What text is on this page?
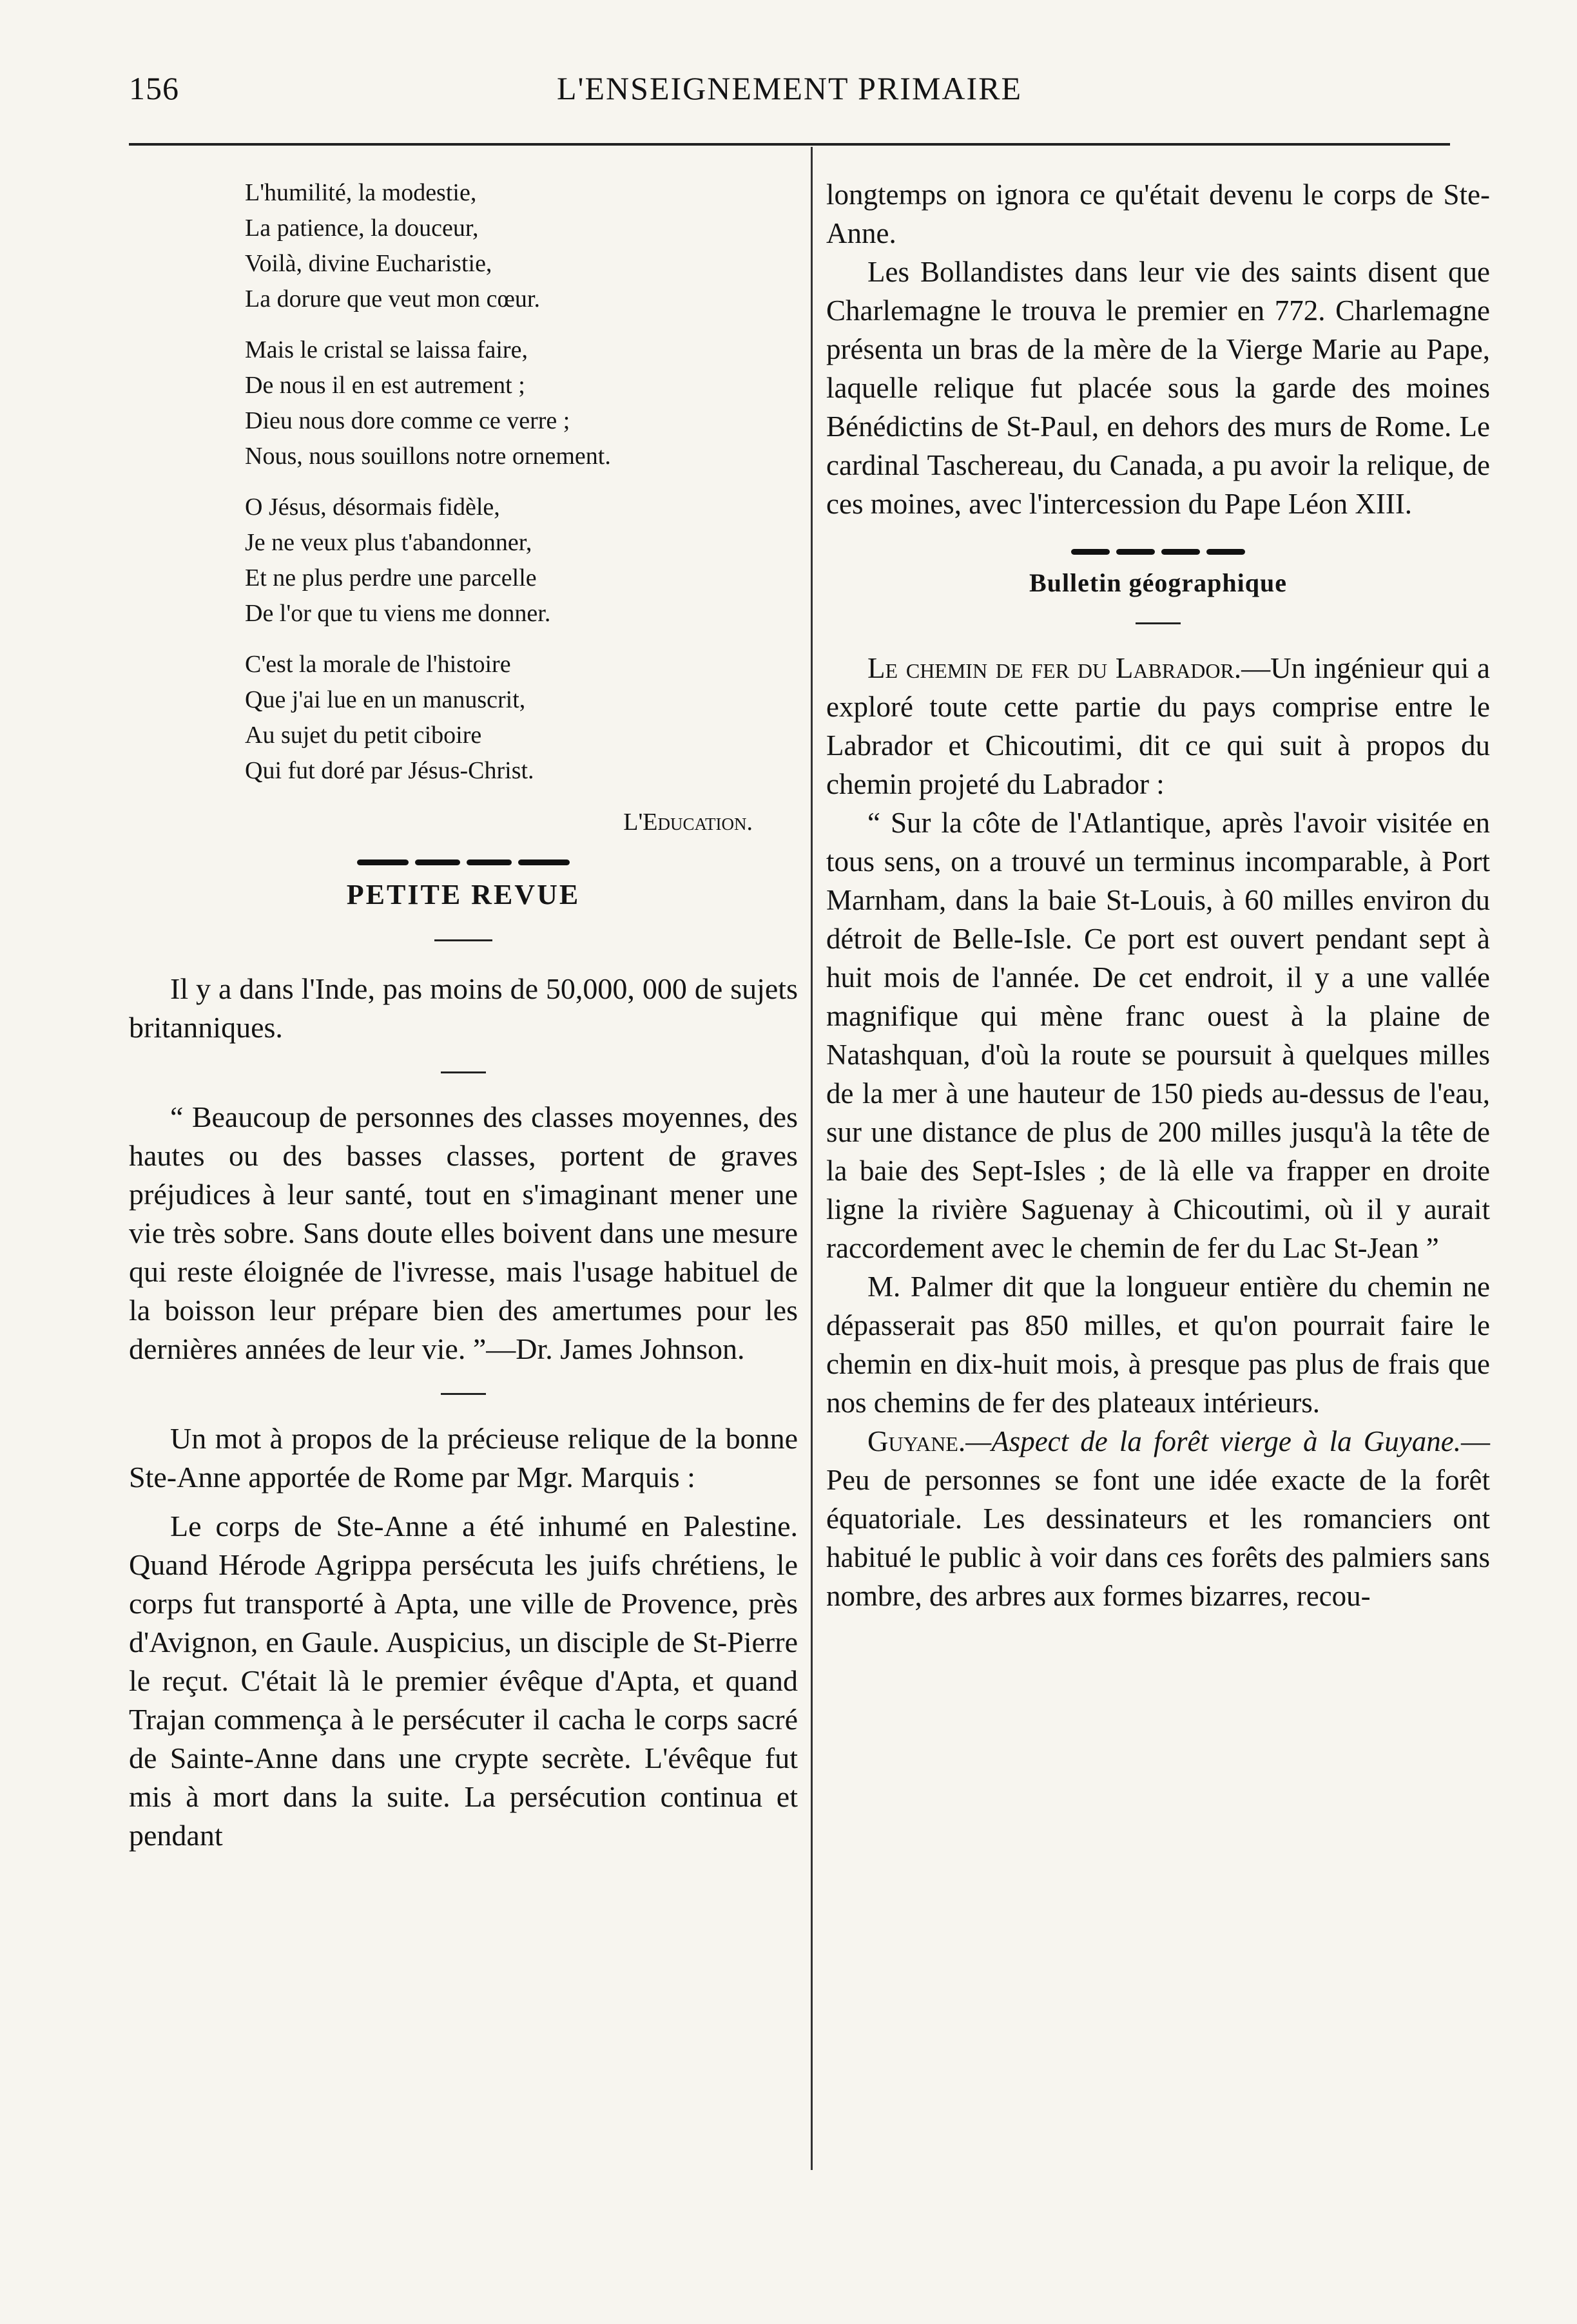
156	L'ENSEIGNEMENT PRIMAIRE
L'humilité, la modestie,
La patience, la douceur,
Voilà, divine Eucharistie,
La dorure que veut mon cœur.
Mais le cristal se laissa faire,
De nous il en est autrement ;
Dieu nous dore comme ce verre ;
Nous, nous souillons notre ornement.
O Jésus, désormais fidèle,
Je ne veux plus t'abandonner,
Et ne plus perdre une parcelle
De l'or que tu viens me donner.
C'est la morale de l'histoire
Que j'ai lue en un manuscrit,
Au sujet du petit ciboire
Qui fut doré par Jésus-Christ.
L'Education.
PETITE REVUE

Il y a dans l'Inde, pas moins de 50,000, 000 de sujets britanniques.

“ Beaucoup de personnes des classes moyennes, des hautes ou des basses classes, portent de graves préjudices à leur santé, tout en s'imaginant mener une vie très sobre. Sans doute elles boivent dans une mesure qui reste éloignée de l'ivresse, mais l'usage habituel de la boisson leur prépare bien des amertumes pour les dernières années de leur vie. ”—Dr. James Johnson.

Un mot à propos de la précieuse relique de la bonne Ste-Anne apportée de Rome par Mgr. Marquis :

Le corps de Ste-Anne a été inhumé en Palestine. Quand Hérode Agrippa persécuta les juifs chrétiens, le corps fut transporté à Apta, une ville de Provence, près d'Avignon, en Gaule. Auspicius, un disciple de St-Pierre le reçut. C'était là le premier évêque d'Apta, et quand Trajan commença à le persécuter il cacha le corps sacré de Sainte-Anne dans une crypte secrète. L'évêque fut mis à mort dans la suite. La persécution continua et pendant

longtemps on ignora ce qu'était devenu le corps de Ste-Anne.

Les Bollandistes dans leur vie des saints disent que Charlemagne le trouva le premier en 772. Charlemagne présenta un bras de la mère de la Vierge Marie au Pape, laquelle relique fut placée sous la garde des moines Bénédictins de St-Paul, en dehors des murs de Rome. Le cardinal Taschereau, du Canada, a pu avoir la relique, de ces moines, avec l'intercession du Pape Léon XIII.

Bulletin géographique

Le chemin de fer du Labrador.—Un ingénieur qui a exploré toute cette partie du pays comprise entre le Labrador et Chicoutimi, dit ce qui suit à propos du chemin projeté du Labrador :

“ Sur la côte de l'Atlantique, après l'avoir visitée en tous sens, on a trouvé un terminus incomparable, à Port Marnham, dans la baie St-Louis, à 60 milles environ du détroit de Belle-Isle. Ce port est ouvert pendant sept à huit mois de l'année. De cet endroit, il y a une vallée magnifique qui mène franc ouest à la plaine de Natashquan, d'où la route se poursuit à quelques milles de la mer à une hauteur de 150 pieds au-dessus de l'eau, sur une distance de plus de 200 milles jusqu'à la tête de la baie des Sept-Isles ; de là elle va frapper en droite ligne la rivière Saguenay à Chicoutimi, où il y aurait raccordement avec le chemin de fer du Lac St-Jean ”

M. Palmer dit que la longueur entière du chemin ne dépasserait pas 850 milles, et qu'on pourrait faire le chemin en dix-huit mois, à presque pas plus de frais que nos chemins de fer des plateaux intérieurs.

Guyane.—Aspect de la forêt vierge à la Guyane.—Peu de personnes se font une idée exacte de la forêt équatoriale. Les dessinateurs et les romanciers ont habitué le public à voir dans ces forêts des palmiers sans nombre, des arbres aux formes bizarres, recou-
